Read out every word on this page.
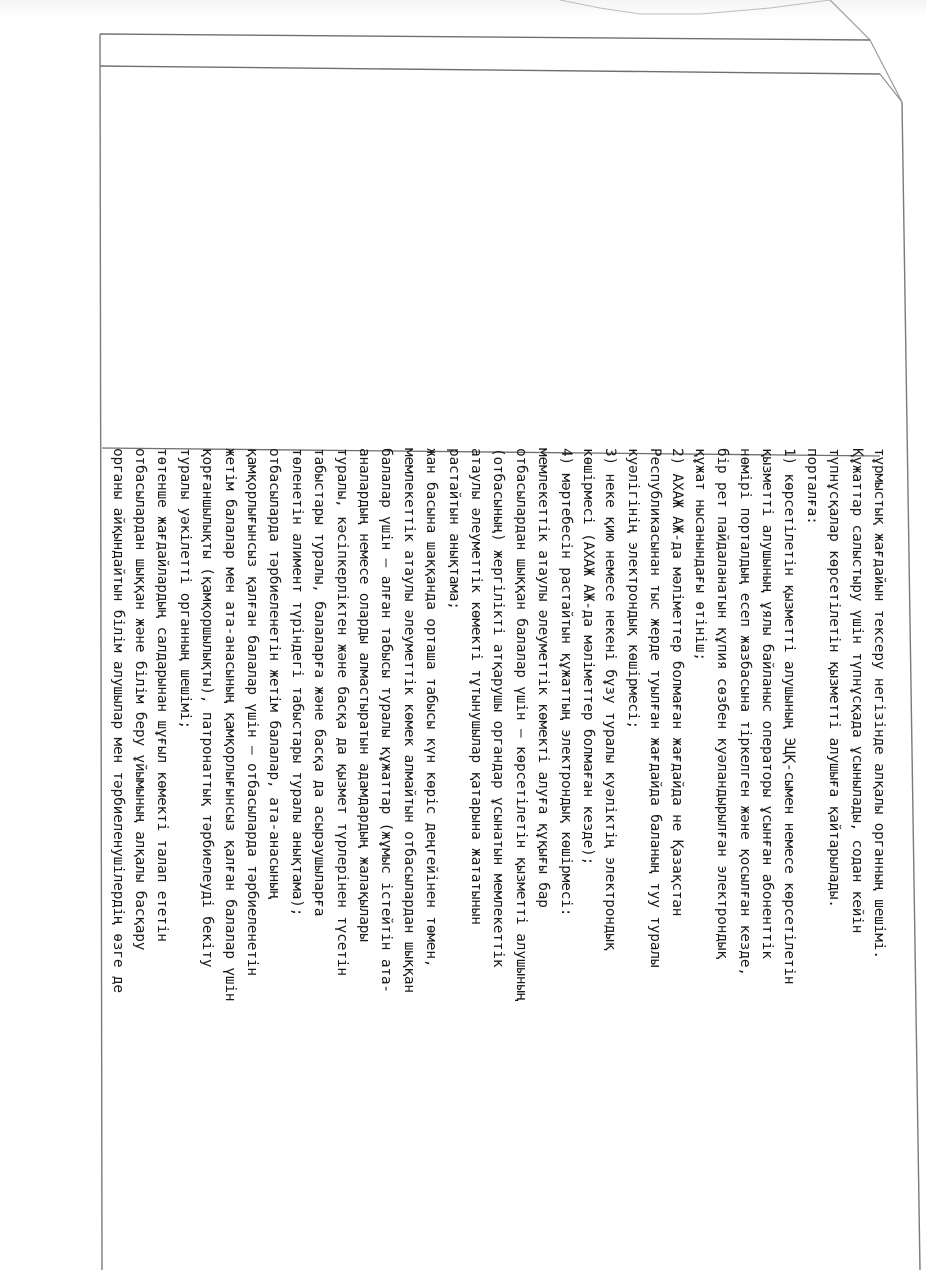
тұрмыстық жағдайын тексеру негізінде алқалы органның шешімі.
Құжаттар салыстыру үшін түпнұсқада ұсынылады, содан кейін
түпнұсқалар көрсетілетін қызметті алушыға қайтарылады.
порталға:
1) көрсетілетін қызметті алушының ЭЦҚ-сымен немесе көрсетілетін
қызметті алушының ұялы байланыс операторы ұсынған абоненттік
нөмірі порталдың есеп жазбасына тіркелген және қосылған кезде,
бір рет пайдаланатын құпия сөзбен куәландырылған электрондық
құжат нысанындағы өтініш;
2) АХАЖ АЖ-да мәліметтер болмаған жағдайда не Қазақстан
Республикасынан тыс жерде туылған жағдайда баланың туу туралы
куәлігінің электрондық көшірмесі;
3) неке қию немесе некені бұзу туралы куәліктің электрондық
көшірмесі (АХАЖ АЖ-да мәліметтер болмаған кезде);
4) мәртебесін растайтын құжаттың электрондық көшірмесі:
мемлекеттік атаулы әлеуметтік көмекті алуға құқығы бар
отбасылардан шыққан балалар үшін – көрсетілетін қызметті алушының
(отбасының) жергілікті атқарушы органдар ұсынатын мемлекеттік
атаулы әлеуметтік көмекті тұтынушылар қатарына жататынын
растайтын анықтама;
жан басына шаққанда орташа табысы күн көріс деңгейінен төмен,
мемлекеттік атаулы әлеуметтік көмек алмайтын отбасылардан шыққан
балалар үшін – алған табысы туралы құжаттар (жұмыс істейтін ата-
аналардың немесе оларды алмастыратын адамдардың жалақылары
туралы, кәсіпкерліктен және басқа да қызмет түрлерінен түсетін
табыстары туралы, балаларға және басқа да асыраушыларға
төленетін алимент түріндегі табыстары туралы анықтама);
отбасыларда тәрбиеленетін жетім балалар, ата-анасының
қамқорлығынсыз қалған балалар үшін – отбасыларда тәрбиеленетін
жетім балалар мен ата-анасының қамқорлығынсыз қалған балалар үшін
қорғаншылықты (қамқоршылықты), патронаттық тәрбиелеуді бекіту
туралы уәкілетті органның шешімі;
төтенше жағдайлардың салдарынан шұғыл көмекті талап ететін
отбасылардан шыққан және білім беру ұйымының алқалы басқару
органы айқындайтын білім алушылар мен тәрбиеленушілердің өзге де
